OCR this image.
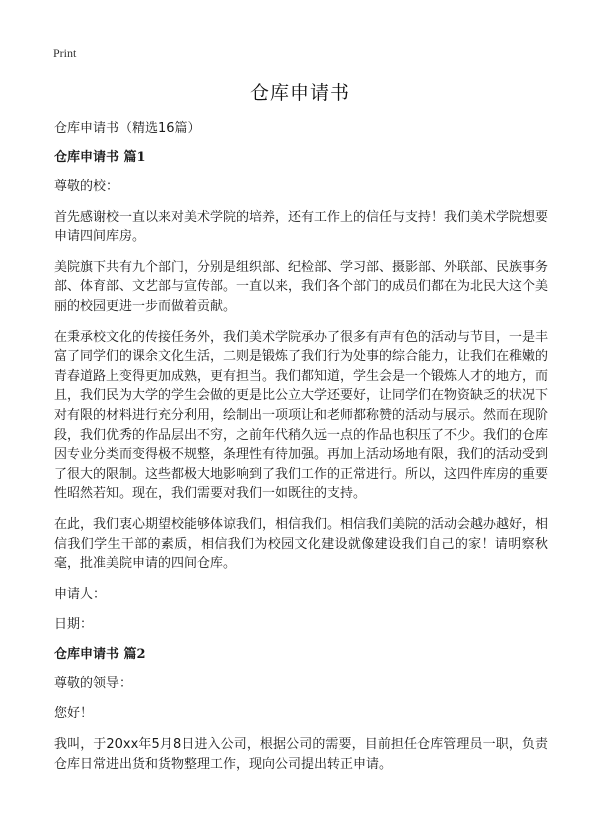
Print
仓库申请书
仓库申请书（精选16篇）
仓库申请书 篇1

尊敬的校：

首先感谢校一直以来对美术学院的培养，还有工作上的信任与支持！我们美术学院想要申请四间库房。

美院旗下共有九个部门，分别是组织部、纪检部、学习部、摄影部、外联部、民族事务部、体育部、文艺部与宣传部。一直以来，我们各个部门的成员们都在为北民大这个美丽的校园更进一步而做着贡献。

在秉承校文化的传接任务外，我们美术学院承办了很多有声有色的活动与节目，一是丰富了同学们的课余文化生活，二则是锻炼了我们行为处事的综合能力，让我们在稚嫩的青春道路上变得更加成熟，更有担当。我们都知道，学生会是一个锻炼人才的地方，而且，我们民为大学的学生会做的更是比公立大学还要好，让同学们在物资缺乏的状况下对有限的材料进行充分利用，绘制出一项项让和老师都称赞的活动与展示。然而在现阶段，我们优秀的作品层出不穷，之前年代稍久远一点的作品也积压了不少。我们的仓库因专业分类而变得极不规整，条理性有待加强。再加上活动场地有限，我们的活动受到了很大的限制。这些都极大地影响到了我们工作的正常进行。所以，这四件库房的重要性昭然若知。现在，我们需要对我们一如既往的支持。

在此，我们衷心期望校能够体谅我们，相信我们。相信我们美院的活动会越办越好，相信我们学生干部的素质，相信我们为校园文化建设就像建设我们自己的家！请明察秋毫，批准美院申请的四间仓库。

申请人：

日期：

仓库申请书 篇2

尊敬的领导：

您好！

我叫，于20xx年5月8日进入公司，根据公司的需要，目前担任仓库管理员一职，负责仓库日常进出货和货物整理工作，现向公司提出转正申请。
